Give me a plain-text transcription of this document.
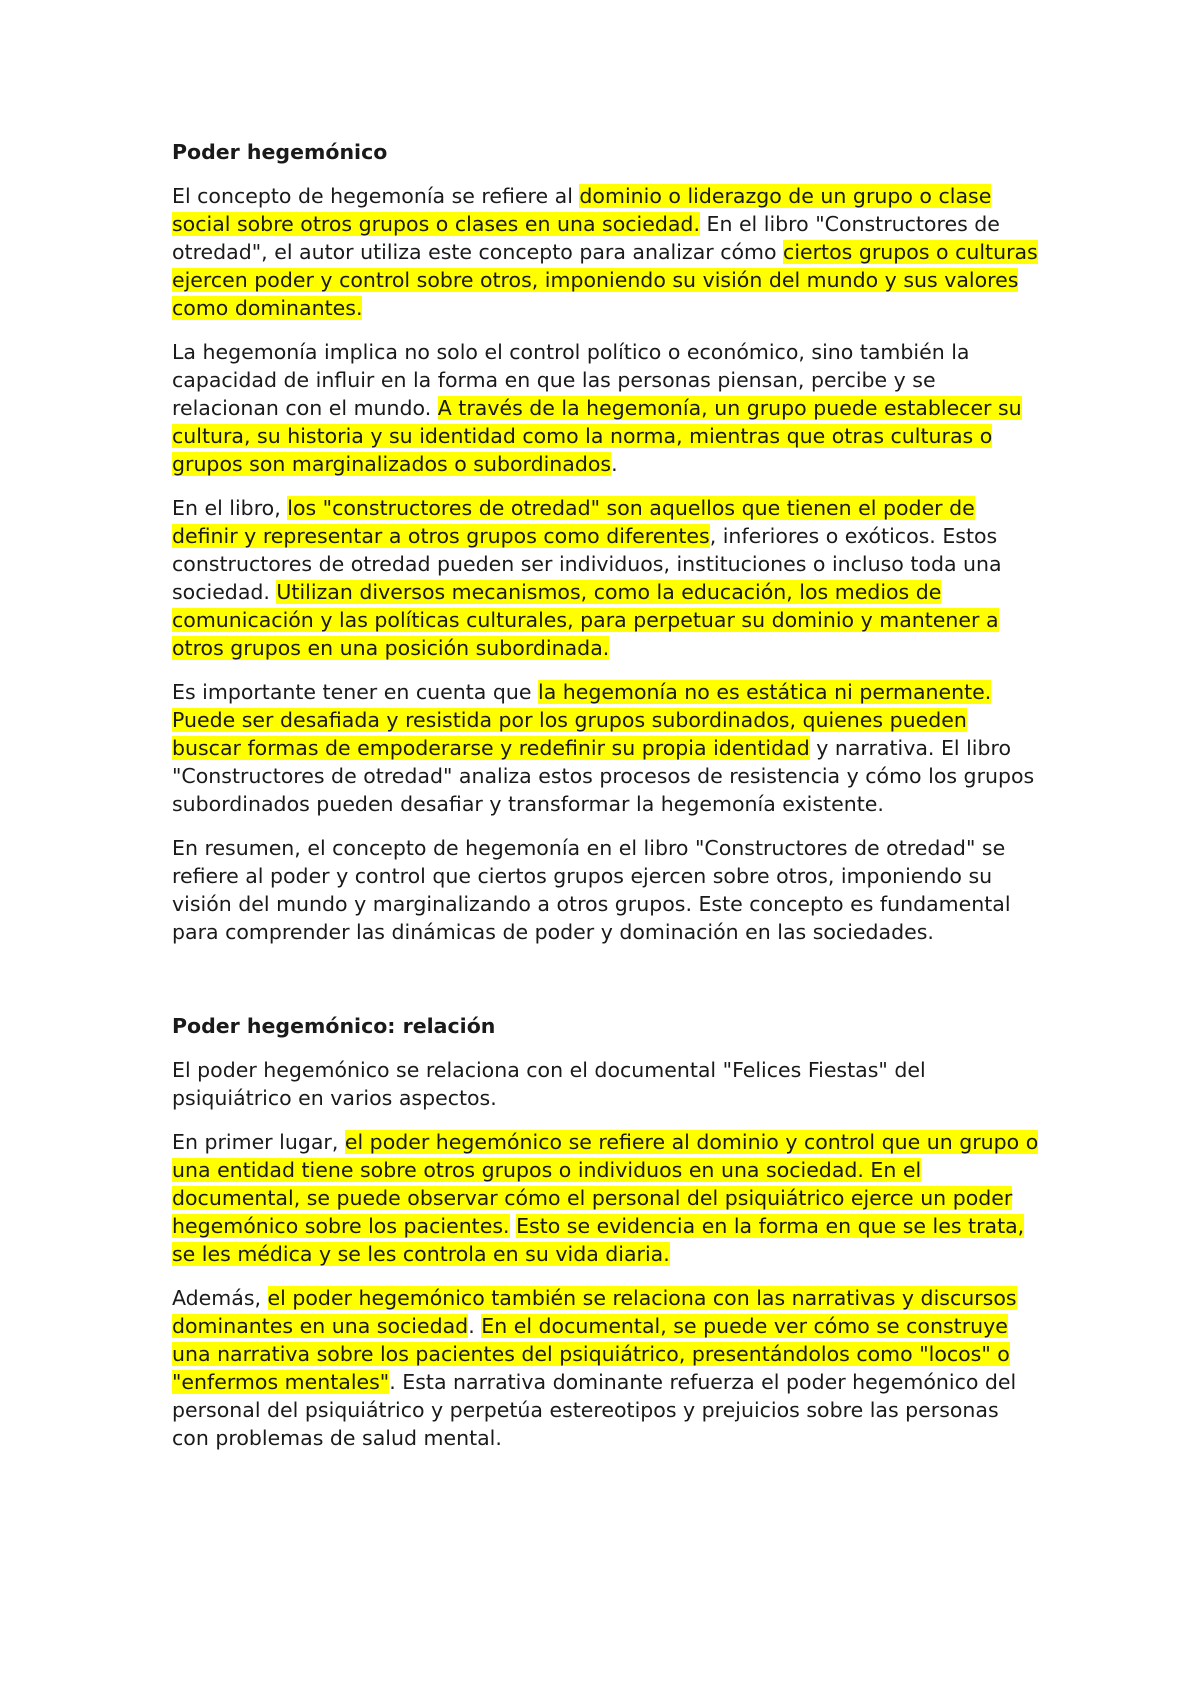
Poder hegemónico

El concepto de hegemonía se refiere al dominio o liderazgo de un grupo o clase social sobre otros grupos o clases en una sociedad. En el libro "Constructores de otredad", el autor utiliza este concepto para analizar cómo ciertos grupos o culturas ejercen poder y control sobre otros, imponiendo su visión del mundo y sus valores como dominantes.

La hegemonía implica no solo el control político o económico, sino también la capacidad de influir en la forma en que las personas piensan, percibe y se relacionan con el mundo. A través de la hegemonía, un grupo puede establecer su cultura, su historia y su identidad como la norma, mientras que otras culturas o grupos son marginalizados o subordinados.

En el libro, los "constructores de otredad" son aquellos que tienen el poder de definir y representar a otros grupos como diferentes, inferiores o exóticos. Estos constructores de otredad pueden ser individuos, instituciones o incluso toda una sociedad. Utilizan diversos mecanismos, como la educación, los medios de comunicación y las políticas culturales, para perpetuar su dominio y mantener a otros grupos en una posición subordinada.

Es importante tener en cuenta que la hegemonía no es estática ni permanente. Puede ser desafiada y resistida por los grupos subordinados, quienes pueden buscar formas de empoderarse y redefinir su propia identidad y narrativa. El libro "Constructores de otredad" analiza estos procesos de resistencia y cómo los grupos subordinados pueden desafiar y transformar la hegemonía existente.

En resumen, el concepto de hegemonía en el libro "Constructores de otredad" se refiere al poder y control que ciertos grupos ejercen sobre otros, imponiendo su visión del mundo y marginalizando a otros grupos. Este concepto es fundamental para comprender las dinámicas de poder y dominación en las sociedades.

Poder hegemónico: relación

El poder hegemónico se relaciona con el documental "Felices Fiestas" del psiquiátrico en varios aspectos.

En primer lugar, el poder hegemónico se refiere al dominio y control que un grupo o una entidad tiene sobre otros grupos o individuos en una sociedad. En el documental, se puede observar cómo el personal del psiquiátrico ejerce un poder hegemónico sobre los pacientes. Esto se evidencia en la forma en que se les trata, se les médica y se les controla en su vida diaria.

Además, el poder hegemónico también se relaciona con las narrativas y discursos dominantes en una sociedad. En el documental, se puede ver cómo se construye una narrativa sobre los pacientes del psiquiátrico, presentándolos como "locos" o "enfermos mentales". Esta narrativa dominante refuerza el poder hegemónico del personal del psiquiátrico y perpetúa estereotipos y prejuicios sobre las personas con problemas de salud mental.
